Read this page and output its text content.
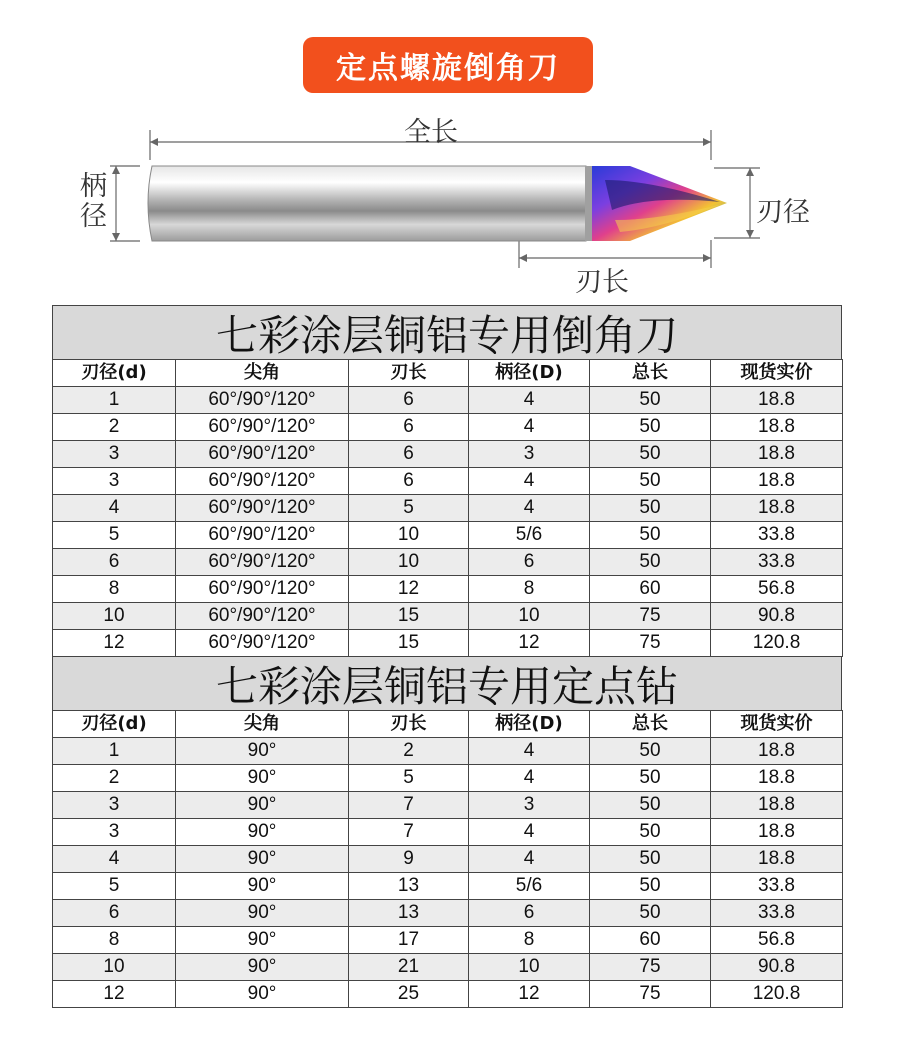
定点螺旋倒角刀
全长
柄径	刃径
刃长
七彩涂层铜铝专用倒角刀
刃径(d)	尖角	刃长	柄径(D)	总长	现货实价
1	60°/90°/120°	6	4	50	18.8
2	60°/90°/120°	6	4	50	18.8
3	60°/90°/120°	6	3	50	18.8
3	60°/90°/120°	6	4	50	18.8
4	60°/90°/120°	5	4	50	18.8
5	60°/90°/120°	10	5/6	50	33.8
6	60°/90°/120°	10	6	50	33.8
8	60°/90°/120°	12	8	60	56.8
10	60°/90°/120°	15	10	75	90.8
12	60°/90°/120°	15	12	75	120.8
七彩涂层铜铝专用定点钻
刃径(d)	尖角	刃长	柄径(D)	总长	现货实价
1	90°	2	4	50	18.8
2	90°	5	4	50	18.8
3	90°	7	3	50	18.8
3	90°	7	4	50	18.8
4	90°	9	4	50	18.8
5	90°	13	5/6	50	33.8
6	90°	13	6	50	33.8
8	90°	17	8	60	56.8
10	90°	21	10	75	90.8
12	90°	25	12	75	120.8
